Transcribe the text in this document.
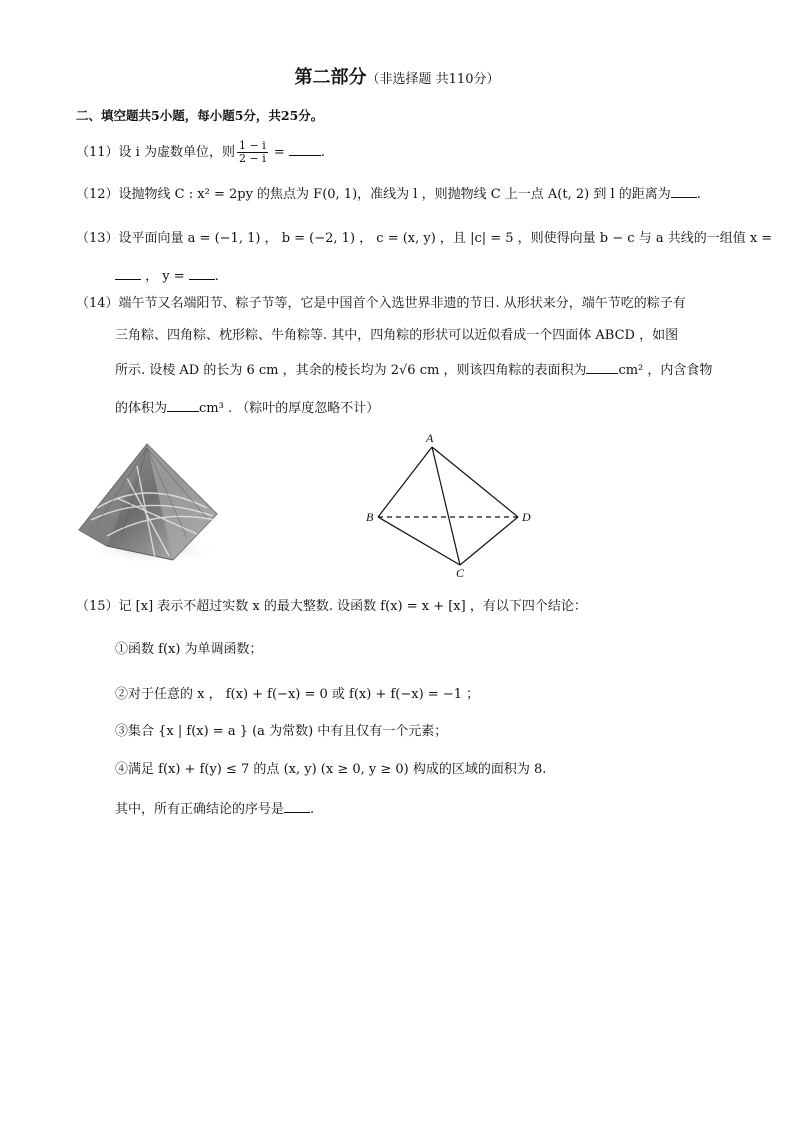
第二部分（非选择题 共110分）
二、填空题共5小题，每小题5分，共25分。
（11）设 i 为虚数单位，则 $\frac{1 - i}{2 - i}$ = .
（12）设抛物线 C : x² = 2py 的焦点为 F(0, 1)，准线为 l ，则抛物线 C 上一点 A(t, 2) 到 l 的距离为 .
（13）设平面向量 a = (−1, 1) ， b = (−2, 1) ， c = (x, y) ，且 |c| = 5 ，则使得向量 b − c 与 a 共线的一组值 x =
， y = .
（14）端午节又名端阳节、粽子节等，它是中国首个入选世界非遗的节日. 从形状来分，端午节吃的粽子有
三角粽、四角粽、枕形粽、牛角粽等. 其中，四角粽的形状可以近似看成一个四面体 ABCD ，如图
所示. 设棱 AD 的长为 6 cm ，其余的棱长均为 2√6 cm ，则该四角粽的表面积为 cm² ，内含食物
的体积为 cm³ . （粽叶的厚度忽略不计）
A
B
C
D
（15）记 [x] 表示不超过实数 x 的最大整数. 设函数 f(x) = x + [x] ，有以下四个结论：
①函数 f(x) 为单调函数；
②对于任意的 x ， f(x) + f(−x) = 0 或 f(x) + f(−x) = −1 ；
③集合 {x | f(x) = a } (a 为常数) 中有且仅有一个元素；
④满足 f(x) + f(y) ≤ 7 的点 (x, y) (x ≥ 0, y ≥ 0) 构成的区域的面积为 8.
其中，所有正确结论的序号是 .
